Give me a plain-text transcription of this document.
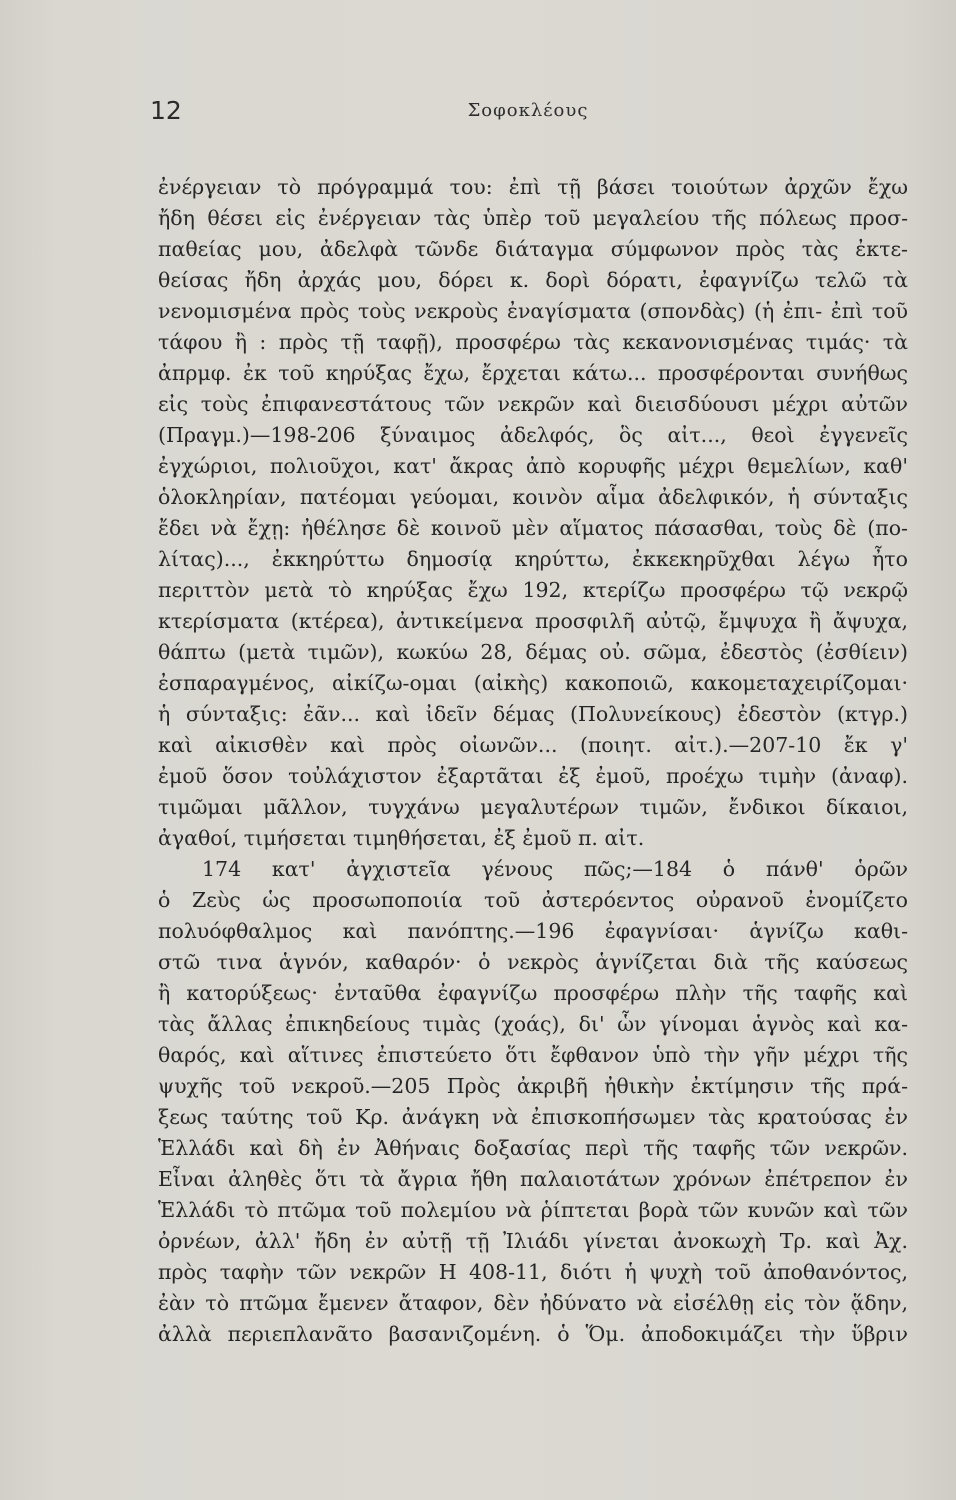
12	Σοφοκλέους
ἐνέργειαν τὸ πρόγραμμά του: ἐπὶ τῇ βάσει τοιούτων ἀρχῶν ἔχω
ἤδη θέσει εἰς ἐνέργειαν τὰς ὑπὲρ τοῦ μεγαλείου τῆς πόλεως προσ-
παθείας μου, ἀδελφὰ τῶνδε διάταγμα σύμφωνον πρὸς τὰς ἐκτε-
θείσας ἤδη ἀρχάς μου, δόρει κ. δορὶ δόρατι, ἐφαγνίζω τελῶ τὰ
νενομισμένα πρὸς τοὺς νεκροὺς ἐναγίσματα (σπονδὰς) (ἡ ἐπι- ἐπὶ τοῦ
τάφου ἢ : πρὸς τῇ ταφῇ), προσφέρω τὰς κεκανονισμένας τιμάς· τὰ
ἀπρμφ. ἐκ τοῦ κηρύξας ἔχω, ἔρχεται κάτω... προσφέρονται συνήθως
εἰς τοὺς ἐπιφανεστάτους τῶν νεκρῶν καὶ διεισδύουσι μέχρι αὐτῶν
(Πραγμ.)—198-206 ξύναιμος ἀδελφός, ὃς αἰτ..., θεοὶ ἐγγενεῖς
ἐγχώριοι, πολιοῦχοι, κατ' ἄκρας ἀπὸ κορυφῆς μέχρι θεμελίων, καθ'
ὁλοκληρίαν, πατέομαι γεύομαι, κοινὸν αἷμα ἀδελφικόν, ἡ σύνταξις
ἔδει νὰ ἔχῃ: ἠθέλησε δὲ κοινοῦ μὲν αἵματος πάσασθαι, τοὺς δὲ (πο-
λίτας)..., ἐκκηρύττω δημοσίᾳ κηρύττω, ἐκκεκηρῦχθαι λέγω ἦτο
περιττὸν μετὰ τὸ κηρύξας ἔχω 192, κτερίζω προσφέρω τῷ νεκρῷ
κτερίσματα (κτέρεα), ἀντικείμενα προσφιλῆ αὐτῷ, ἔμψυχα ἢ ἄψυχα,
θάπτω (μετὰ τιμῶν), κωκύω 28, δέμας οὐ. σῶμα, ἐδεστὸς (ἐσθίειν)
ἐσπαραγμένος, αἰκίζω-ομαι (αἰκὴς) κακοποιῶ, κακομεταχειρίζομαι·
ἡ σύνταξις: ἐᾶν... καὶ ἰδεῖν δέμας (Πολυνείκους) ἐδεστὸν (κτγρ.)
καὶ αἰκισθὲν καὶ πρὸς οἰωνῶν... (ποιητ. αἰτ.).—207-10 ἔκ γ'
ἐμοῦ ὅσον τοὐλάχιστον ἐξαρτᾶται ἐξ ἐμοῦ, προέχω τιμὴν (ἀναφ).
τιμῶμαι μᾶλλον, τυγχάνω μεγαλυτέρων τιμῶν, ἔνδικοι δίκαιοι,
ἀγαθοί, τιμήσεται τιμηθήσεται, ἐξ ἐμοῦ π. αἰτ.
174 κατ' ἀγχιστεῖα γένους πῶς;—184 ὁ πάνθ' ὁρῶν
ὁ Ζεὺς ὡς προσωποποιία τοῦ ἀστερόεντος οὐρανοῦ ἐνομίζετο
πολυόφθαλμος καὶ πανόπτης.—196 ἐφαγνίσαι· ἁγνίζω καθι-
στῶ τινα ἁγνόν, καθαρόν· ὁ νεκρὸς ἁγνίζεται διὰ τῆς καύσεως
ἢ κατορύξεως· ἐνταῦθα ἐφαγνίζω προσφέρω πλὴν τῆς ταφῆς καὶ
τὰς ἄλλας ἐπικηδείους τιμὰς (χοάς), δι' ὧν γίνομαι ἁγνὸς καὶ κα-
θαρός, καὶ αἵτινες ἐπιστεύετο ὅτι ἔφθανον ὑπὸ τὴν γῆν μέχρι τῆς
ψυχῆς τοῦ νεκροῦ.—205 Πρὸς ἀκριβῆ ἠθικὴν ἐκτίμησιν τῆς πρά-
ξεως ταύτης τοῦ Κρ. ἀνάγκη νὰ ἐπισκοπήσωμεν τὰς κρατούσας ἐν
Ἑλλάδι καὶ δὴ ἐν Ἀθήναις δοξασίας περὶ τῆς ταφῆς τῶν νεκρῶν.
Εἶναι ἀληθὲς ὅτι τὰ ἄγρια ἤθη παλαιοτάτων χρόνων ἐπέτρεπον ἐν
Ἑλλάδι τὸ πτῶμα τοῦ πολεμίου νὰ ῥίπτεται βορὰ τῶν κυνῶν καὶ τῶν
ὀρνέων, ἀλλ' ἤδη ἐν αὐτῇ τῇ Ἰλιάδι γίνεται ἀνοκωχὴ Τρ. καὶ Ἀχ.
πρὸς ταφὴν τῶν νεκρῶν Η 408-11, διότι ἡ ψυχὴ τοῦ ἀποθανόντος,
ἐὰν τὸ πτῶμα ἔμενεν ἄταφον, δὲν ἠδύνατο νὰ εἰσέλθῃ εἰς τὸν ᾅδην,
ἀλλὰ περιεπλανᾶτο βασανιζομένη. ὁ Ὅμ. ἀποδοκιμάζει τὴν ὕβριν
